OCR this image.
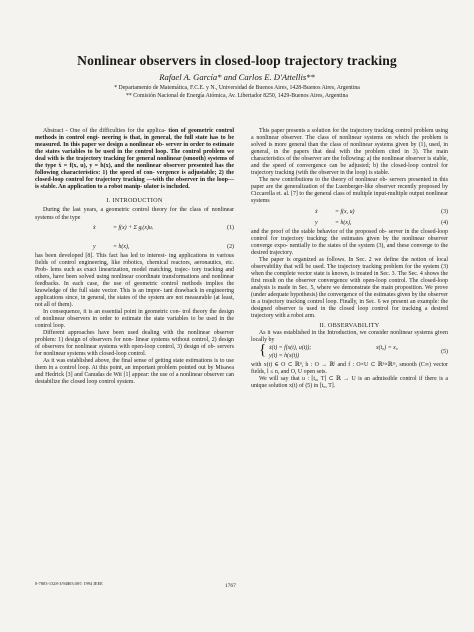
Nonlinear observers in closed-loop trajectory tracking
Rafael A. García* and Carlos E. D'Attellis**
* Departamento de Matemática, F.C.E. y N., Universidad de Buenos Aires, 1428-Buenos Aires, Argentina
** Comisión Nacional de Energía Atómica, Av. Libertador 8250, 1429-Buenos Aires, Argentina

Abstract - One of the difficulties for the applica- tion of geometric control methods in control engi- neering is that, in general, the full state has to be measured. In this paper we design a nonlinear ob- server in order to estimate the states variables to be used in the control loop. The control problem we deal with is the trajectory tracking for general nonlinear (smooth) systems of the type ẋ = f(x, u), y = h(x), and the nonlinear observer presented has the following characteristics: 1) the speed of con- vergence is adjustable; 2) the closed-loop control for trajectory tracking —with the observer in the loop— is stable. An application to a robot manip- ulator is included.

I. INTRODUCTION

During the last years, a geometric control theory for the class of nonlinear systems of the type

ẋ	= f(x) + Σ gᵢ(x)uᵢ	(1)
y	= h(x),	(2)

has been developed [8]. This fact has led to interest- ing applications in various fields of control engineering, like robotics, chemical reactors, aeronautics, etc. Prob- lems such as exact linearization, model matching, trajec- tory tracking and others, have been solved using nonlinear coordinate transformations and nonlinear feedbacks. In each case, the use of geometric control methods implies the knowledge of the full state vector. This is an impor- tant drawback in engineering applications since, in general, the states of the system are not measurable (at least, not all of them).

In consequence, it is an essential point in geometric con- trol theory the design of nonlinear observers in order to estimate the state variables to be used in the control loop.

Different approaches have been used dealing with the nonlinear observer problem: 1) design of observers for non- linear systems without control, 2) design of observers for nonlinear systems with open-loop control, 3) design of ob- servers for nonlinear systems with closed-loop control.

As it was established above, the final sense of getting state estimations is to use them in a control loop. At this point, an important problem pointed out by Misawa and Hedrick [3] and Canudas de Wit [1] appear: the use of a nonlinear observer can destabilize the closed loop control system.

This paper presents a solution for the trajectory tracking control problem using a nonlinear observer. The class of nonlinear systems on which the problem is solved is more general than the class of nonlinear systems given by (1), used, in general, in the papers that deal with the problem cited in 3). The main characteristics of the observer are the following: a) the nonlinear observer is stable, and the speed of convergence can be adjusted; b) the closed-loop control for trajectory tracking (with the observer in the loop) is stable.

The new contributions to the theory of nonlinear ob- servers presented in this paper are the generalization of the Luenberger-like observer recently proposed by Ciccarella et. al. [7] to the general class of multiple input-multiple output nonlinear systems

ẋ	= f(x, u)	(3)
y	= h(x),	(4)

and the proof of the stable behavior of the proposed ob- server in the closed-loop control for trajectory tracking; the estimates given by the nonlinear observer converge expo- nentially to the states of the system (3), and these converge to the desired trajectory.

The paper is organized as follows. In Sec. 2 we define the notion of local observability that will be used. The trajectory tracking problem for the system (3) when the complete vector state is known, is treated in Sec. 3. The Sec. 4 shows the first result on the observer convergence with open-loop control. The closed-loop analysis is made in Sec. 5, where we demonstrate the main proposition. We prove (under adequate hypothesis) the convergence of the estimates given by the observer in a trajectory tracking control loop. Finally, in Sec. 6 we present an example: the designed observer is used in the closed loop control for tracking a desired trajectory with a robot arm.

II. OBSERVABILITY

As it was established in the Introduction, we consider nonlinear systems given locally by

{ ẋ(t) = f(x(t), u(t));	x(t₀) = x₀
y(t) = h(x(t))
(5)

with x(t) ∈ O ⊂ ℝⁿ, h : O → ℝˡ and f : O×U ⊂ ℝⁿ×ℝᵐ, smooth (C∞) vector fields, l ≤ n, and O, U open sets.

We will say that u : [t₀, T] ⊂ ℝ → U is an admissible control if there is a unique solution x(t) of (5) in [t₀, T].

0-7803-1328-3/94$03.00© 1994 IEEE	1767
